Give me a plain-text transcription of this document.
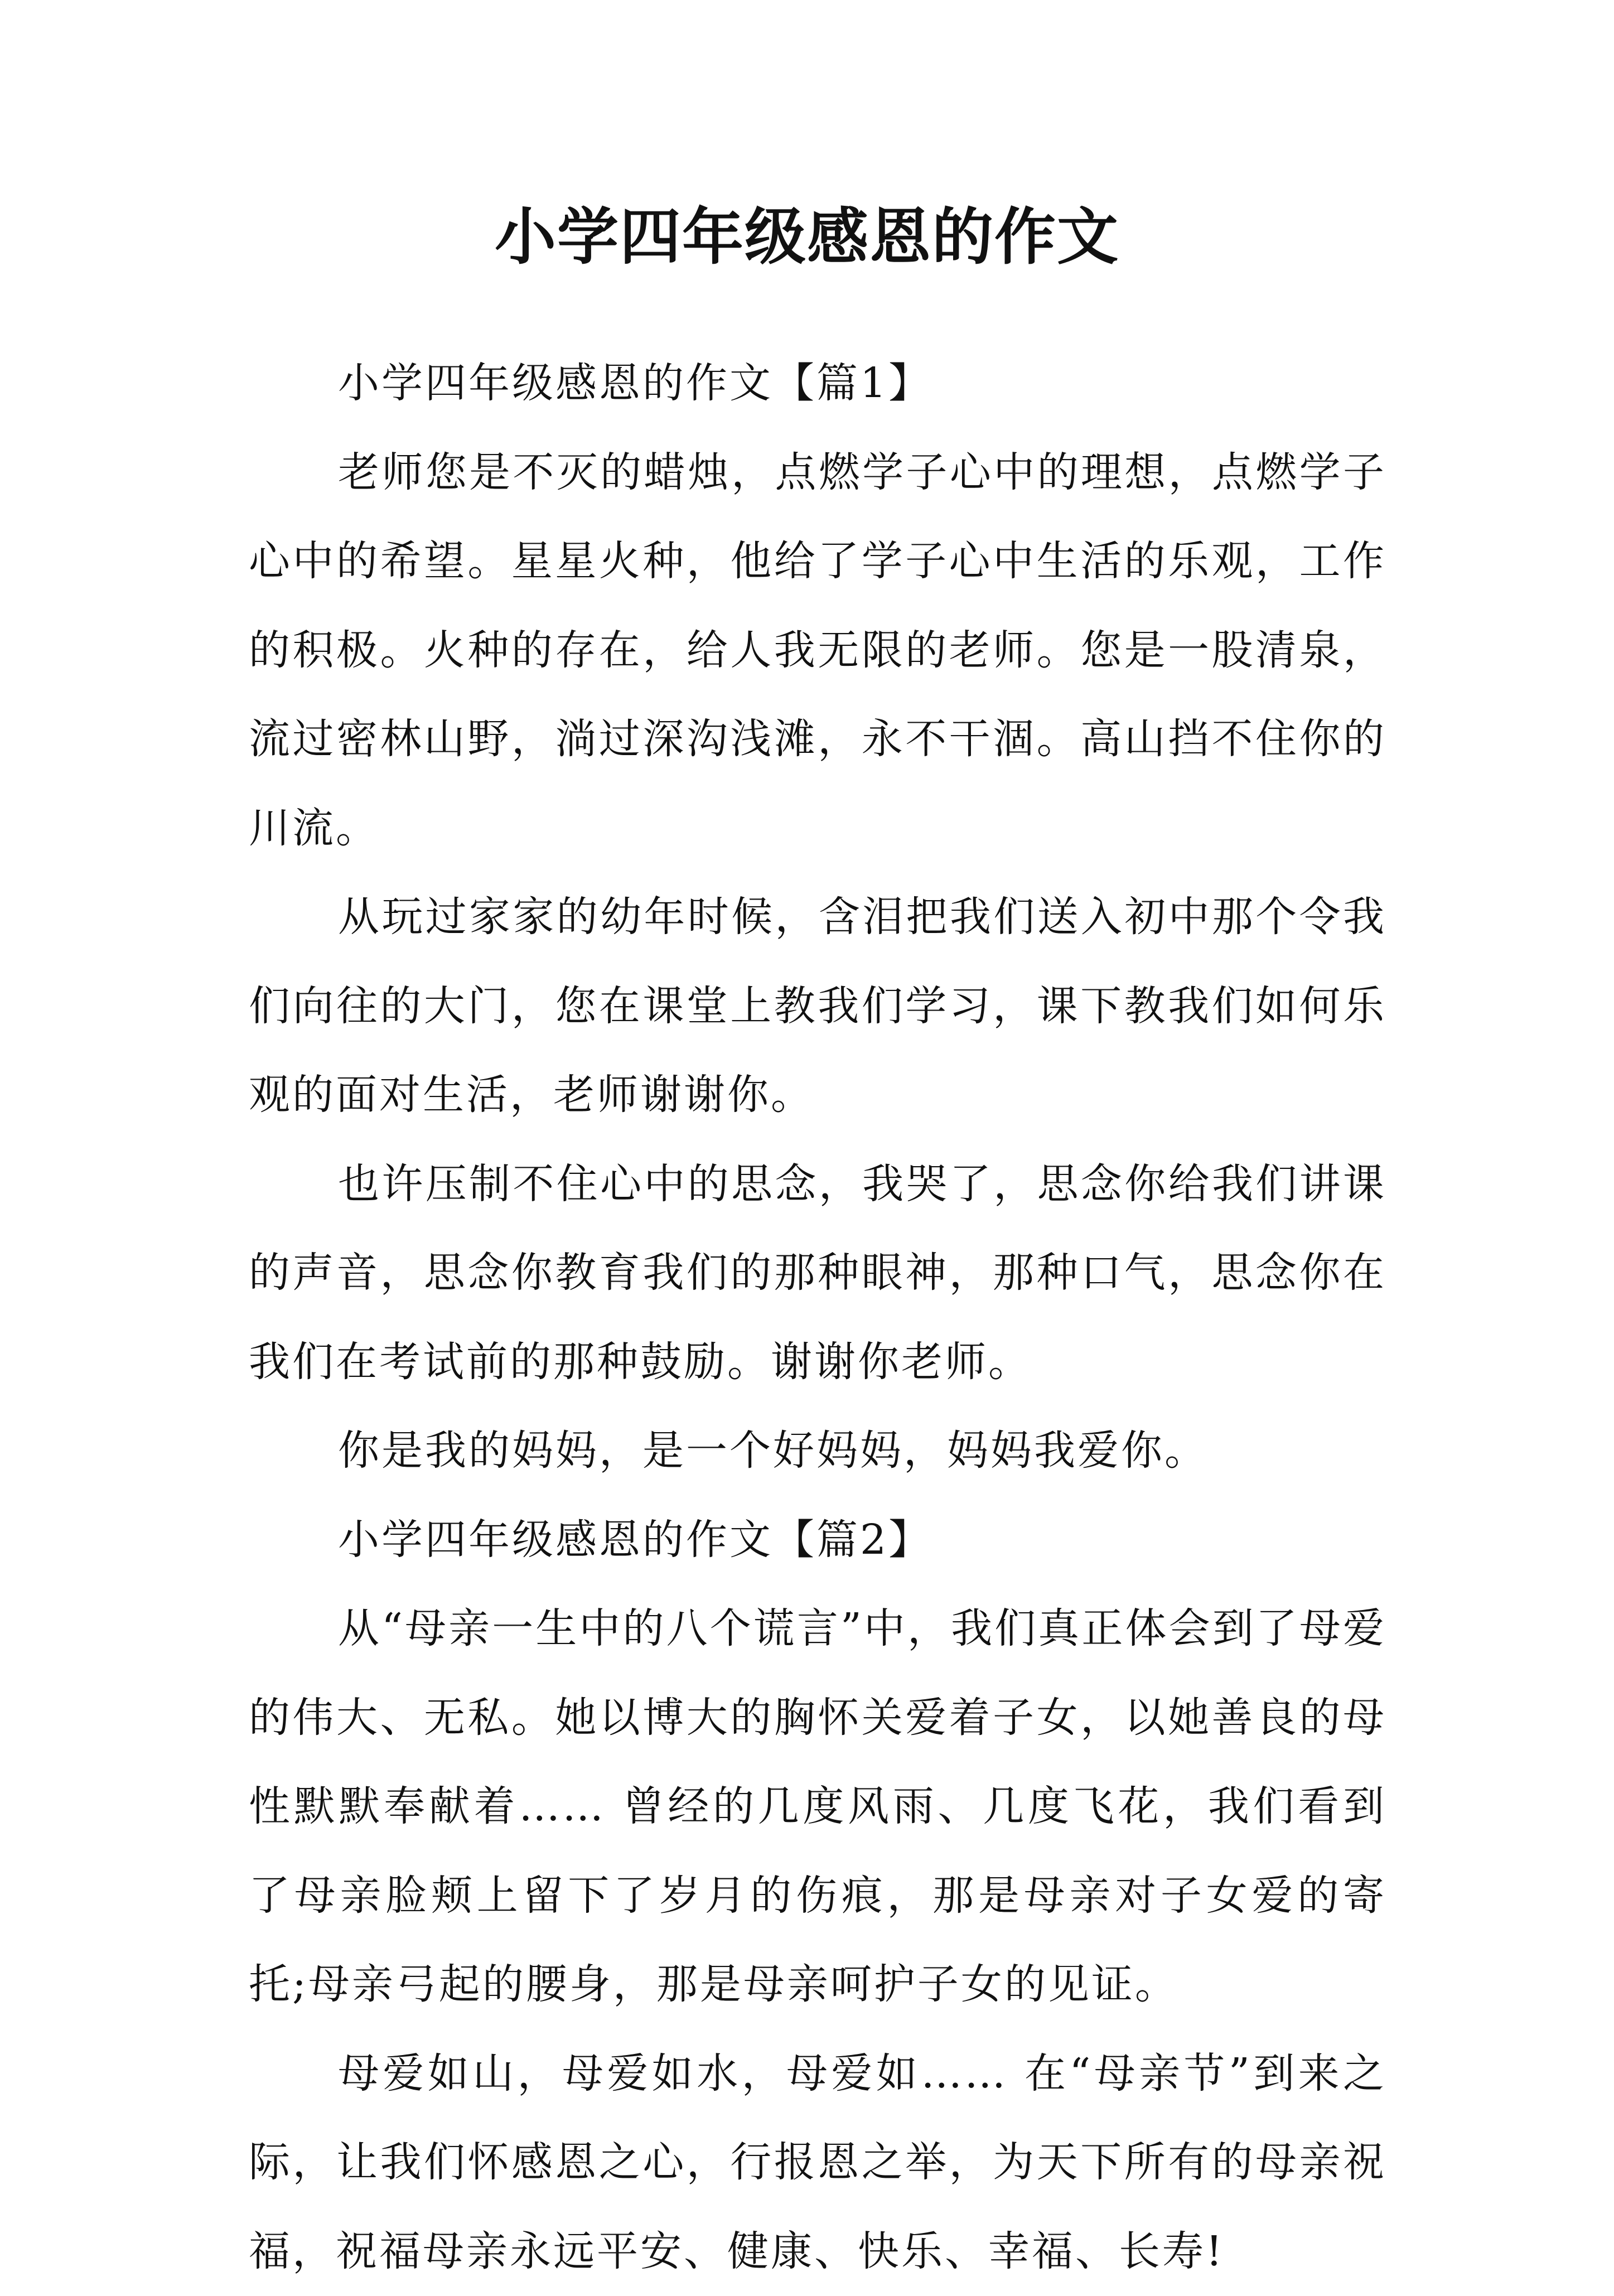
小学四年级感恩的作文

小学四年级感恩的作文【篇1】

老师您是不灭的蜡烛，点燃学子心中的理想，点燃学子心中的希望。星星火种，他给了学子心中生活的乐观，工作的积极。火种的存在，给人我无限的老师。您是一股清泉，流过密林山野，淌过深沟浅滩，永不干涸。高山挡不住你的川流。

从玩过家家的幼年时候，含泪把我们送入初中那个令我们向往的大门，您在课堂上教我们学习，课下教我们如何乐观的面对生活，老师谢谢你。

也许压制不住心中的思念，我哭了，思念你给我们讲课的声音，思念你教育我们的那种眼神，那种口气，思念你在我们在考试前的那种鼓励。谢谢你老师。

你是我的妈妈，是一个好妈妈，妈妈我爱你。

小学四年级感恩的作文【篇2】

从“母亲一生中的八个谎言”中，我们真正体会到了母爱的伟大、无私。她以博大的胸怀关爱着子女，以她善良的母性默默奉献着…… 曾经的几度风雨、几度飞花，我们看到了母亲脸颊上留下了岁月的伤痕，那是母亲对子女爱的寄托;母亲弓起的腰身，那是母亲呵护子女的见证。

母爱如山，母爱如水，母爱如…… 在“母亲节”到来之际，让我们怀感恩之心，行报恩之举，为天下所有的母亲祝福，祝福母亲永远平安、健康、快乐、幸福、长寿!
